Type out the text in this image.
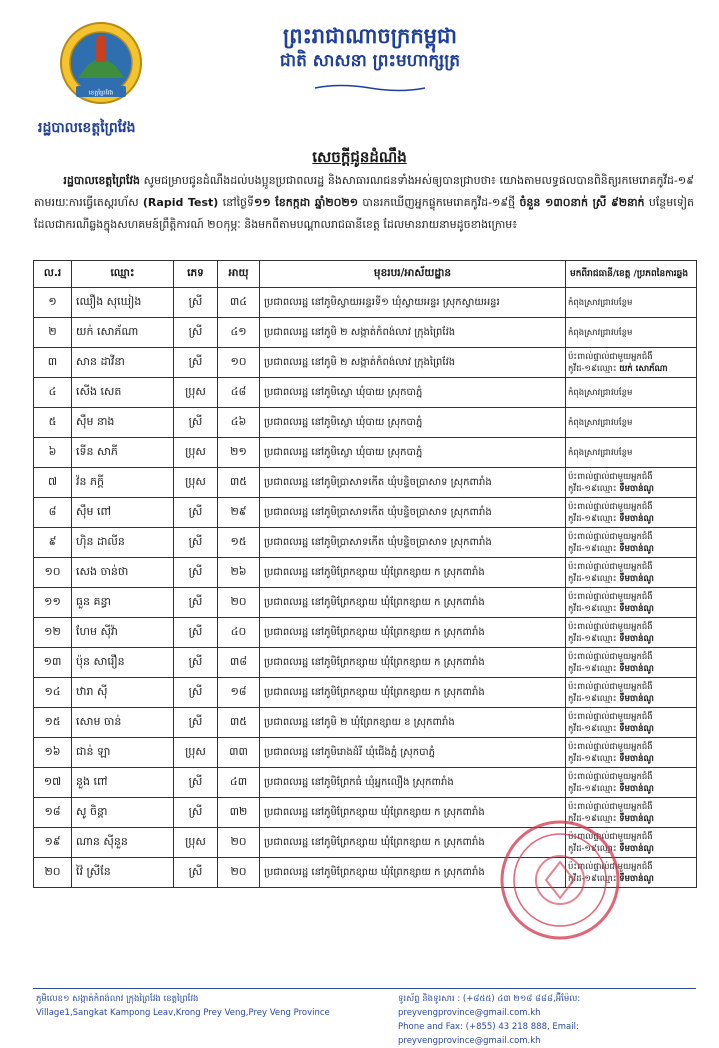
ខេត្តព្រៃវែង
ព្រះរាជាណាចក្រកម្ពុជា
ជាតិ សាសនា ព្រះមហាក្សត្រ
រដ្ឋបាលខេត្តព្រៃវែង
សេចក្តីជូនដំណឹង
រដ្ឋបាលខេត្តព្រៃវែង សូមជម្រាបជូនដំណឹងដល់បងប្អូនប្រជាពលរដ្ឋ និងសាធារណជនទាំងអស់ឲ្យបានជ្រាបថា៖ យោងតាមលទ្ធផលបានពិនិត្យរកមេរោគកូវីដ-១៩ តាមរយៈការធ្វើតេស្តរហ័ស (Rapid Test) នៅថ្ងៃទី១១ ខែកក្កដា ឆ្នាំ២០២១ បានរកឃើញអ្នកផ្ទុកមេរោគកូវីដ-១៩ថ្មី ចំនួន ១៣០នាក់ ស្រី ៩២នាក់ បន្ថែមទៀត ដែលជាករណីឆ្លងក្នុងសហគមន៍ព្រឹត្តិការណ៍ ២០កុម្ភៈ និងមកពីតាមបណ្តាលរាជធានីខេត្ត ដែលមានរាយនាមដូចខាងក្រោម៖
ល.រ	ឈ្មោះ	ភេទ	អាយុ	មុខរបរ/អាស័យដ្ឋាន	មកពីរាជធានី/ខេត្ត /ប្រភពនៃការឆ្លង
១	ឈឿង សុឃៀង	ស្រី	៣៤	ប្រជាពលរដ្ឋ នៅភូមិស្វាយអន្ទរទី១ ឃុំស្វាយអន្ទរ ស្រុកស្វាយអន្ទរ	កំពុងស្រាវជ្រាវបន្ថែម

២	យក់ សោភ័ណា	ស្រី	៤១	ប្រជាពលរដ្ឋ នៅភូមិ ២ សង្កាត់កំពង់លាវ ក្រុងព្រៃវែង	កំពុងស្រាវជ្រាវបន្ថែម

៣	សាន ដាវីនា	ស្រី	១០	ប្រជាពលរដ្ឋ នៅភូមិ ២ សង្កាត់កំពង់លាវ ក្រុងព្រៃវែង	ប៉ះពាល់ផ្ទាល់ជាមួយអ្នកជំងឺ
កូវីដ-១៩ឈ្មោះ យក់ សោភ័ណា

៤	សេីង សេត	ប្រុស	៤៨	ប្រជាពលរដ្ឋ នៅភូមិស្លោ ឃុំបាយ ស្រុកបាភ្នំ	កំពុងស្រាវជ្រាវបន្ថែម

៥	ស៊ឹម នាង	ស្រី	៤៦	ប្រជាពលរដ្ឋ នៅភូមិស្លោ ឃុំបាយ ស្រុកបាភ្នំ	កំពុងស្រាវជ្រាវបន្ថែម

៦	ទើន សាភី	ប្រុស	២១	ប្រជាពលរដ្ឋ នៅភូមិស្លោ ឃុំបាយ ស្រុកបាភ្នំ	កំពុងស្រាវជ្រាវបន្ថែម

៧	វ៉ន ភក្តី	ប្រុស	៣៥	ប្រជាពលរដ្ឋ នៅភូមិប្រាសាទកើត ឃុំបន្ទិចប្រាសាទ ស្រុកពារាំង	ប៉ះពាល់ផ្ទាល់ជាមួយអ្នកជំងឺ
កូវីដ-១៩ឈ្មោះ ទឹមចាន់ណូ

៨	ស៊ឹម ពៅ	ស្រី	២៩	ប្រជាពលរដ្ឋ នៅភូមិប្រាសាទកើត ឃុំបន្ទិចប្រាសាទ ស្រុកពារាំង	ប៉ះពាល់ផ្ទាល់ជាមួយអ្នកជំងឺ
កូវីដ-១៩ឈ្មោះ ទឹមចាន់ណូ

៩	ហ៊ិន ដាលីន	ស្រី	១៥	ប្រជាពលរដ្ឋ នៅភូមិប្រាសាទកើត ឃុំបន្ទិចប្រាសាទ ស្រុកពារាំង	ប៉ះពាល់ផ្ទាល់ជាមួយអ្នកជំងឺ
កូវីដ-១៩ឈ្មោះ ទឹមចាន់ណូ

១០	សេង ចាន់ថា	ស្រី	២៦	ប្រជាពលរដ្ឋ នៅភូមិព្រែកខ្សាយ ឃុំព្រែកខ្សាយ ក ស្រុកពារាំង	ប៉ះពាល់ផ្ទាល់ជាមួយអ្នកជំងឺ
កូវីដ-១៩ឈ្មោះ ទឹមចាន់ណូ

១១	ធួន គន្ធា	ស្រី	២០	ប្រជាពលរដ្ឋ នៅភូមិព្រែកខ្សាយ ឃុំព្រែកខ្សាយ ក ស្រុកពារាំង	ប៉ះពាល់ផ្ទាល់ជាមួយអ្នកជំងឺ
កូវីដ-១៩ឈ្មោះ ទឹមចាន់ណូ

១២	ហែម ស៊ីវ៉ា	ស្រី	៤០	ប្រជាពលរដ្ឋ នៅភូមិព្រែកខ្សាយ ឃុំព្រែកខ្សាយ ក ស្រុកពារាំង	ប៉ះពាល់ផ្ទាល់ជាមួយអ្នកជំងឺ
កូវីដ-១៩ឈ្មោះ ទឹមចាន់ណូ

១៣	ប៉ុន សារឿន	ស្រី	៣៨	ប្រជាពលរដ្ឋ នៅភូមិព្រែកខ្សាយ ឃុំព្រែកខ្សាយ ក ស្រុកពារាំង	ប៉ះពាល់ផ្ទាល់ជាមួយអ្នកជំងឺ
កូវីដ-១៩ឈ្មោះ ទឹមចាន់ណូ

១៤	ឋារា ស៊ី	ស្រី	១៨	ប្រជាពលរដ្ឋ នៅភូមិព្រែកខ្សាយ ឃុំព្រែកខ្សាយ ក ស្រុកពារាំង	ប៉ះពាល់ផ្ទាល់ជាមួយអ្នកជំងឺ
កូវីដ-១៩ឈ្មោះ ទឹមចាន់ណូ

១៥	សោម ចាន់	ស្រី	៣៥	ប្រជាពលរដ្ឋ នៅភូមិ ២ ឃុំព្រែកខ្សាយ ខ ស្រុកពារាំង	ប៉ះពាល់ផ្ទាល់ជាមួយអ្នកជំងឺ
កូវីដ-១៩ឈ្មោះ ទឹមចាន់ណូ

១៦	ជាន់ ឡា	ប្រុស	៣៣	ប្រជាពលរដ្ឋ នៅភូមិរោងដំរី ឃុំជើងភ្នំ ស្រុកបាភ្នំ	ប៉ះពាល់ផ្ទាល់ជាមួយអ្នកជំងឺ
កូវីដ-១៩ឈ្មោះ ទឹមចាន់ណូ

១៧	នួង ពៅ	ស្រី	៤៣	ប្រជាពលរដ្ឋ នៅភូមិព្រែកធំ ឃុំអ្នកលឿង ស្រុកពារាំង	ប៉ះពាល់ផ្ទាល់ជាមួយអ្នកជំងឺ
កូវីដ-១៩ឈ្មោះ ទឹមចាន់ណូ

១៨	សូ ចិន្តា	ស្រី	៣២	ប្រជាពលរដ្ឋ នៅភូមិព្រែកខ្សាយ ឃុំព្រែកខ្សាយ ក ស្រុកពារាំង	ប៉ះពាល់ផ្ទាល់ជាមួយអ្នកជំងឺ
កូវីដ-១៩ឈ្មោះ ទឹមចាន់ណូ

១៩	ណាន ស៊ីនួន	ប្រុស	២០	ប្រជាពលរដ្ឋ នៅភូមិព្រែកខ្សាយ ឃុំព្រែកខ្សាយ ក ស្រុកពារាំង	ប៉ះពាល់ផ្ទាល់ជាមួយអ្នកជំងឺ
កូវីដ-១៩ឈ្មោះ ទឹមចាន់ណូ

២០	វ៉ៃ ស្រីនែ	ស្រី	២០	ប្រជាពលរដ្ឋ នៅភូមិព្រែកខ្សាយ ឃុំព្រែកខ្សាយ ក ស្រុកពារាំង	ប៉ះពាល់ផ្ទាល់ជាមួយអ្នកជំងឺ
កូវីដ-១៩ឈ្មោះ ទឹមចាន់ណូ
ភូមិលេខ១ សង្កាត់កំពង់លាវ ក្រុងព្រៃវែង ខេត្តព្រៃវែង
Village1,Sangkat Kampong Leav,Krong Prey Veng,Prey Veng Province
ទូរស័ព្ទ និងទូរសារ : (+៨៥៥) ៤៣ ២១៨ ៨៨៨,អ៊ីម៉ែល: preyvengprovince@gmail.com.kh
Phone and Fax: (+855) 43 218 888, Email: preyvengprovince@gmail.com.kh
